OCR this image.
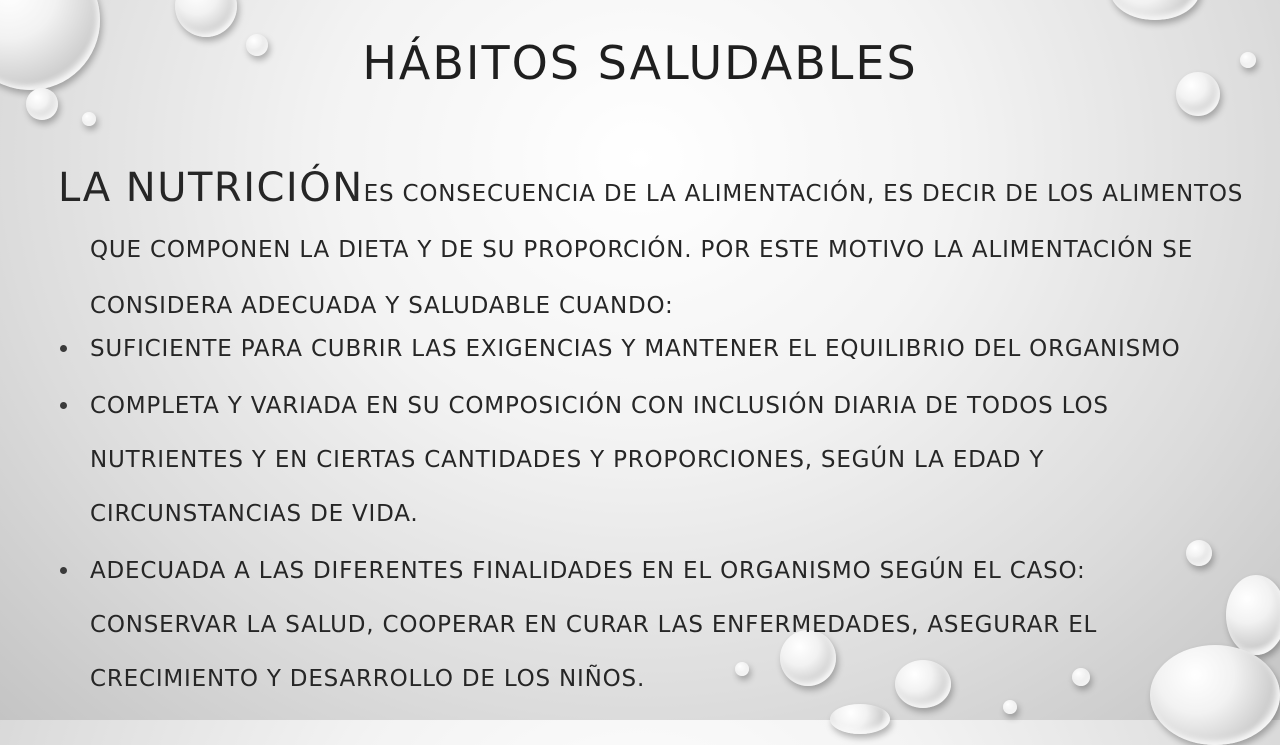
HÁBITOS SALUDABLES
LA NUTRICIÓNES CONSECUENCIA DE LA ALIMENTACIÓN, ES DECIR DE LOS ALIMENTOS QUE COMPONEN LA DIETA Y DE SU PROPORCIÓN. POR ESTE MOTIVO LA ALIMENTACIÓN SE CONSIDERA ADECUADA Y SALUDABLE CUANDO:
SUFICIENTE PARA CUBRIR LAS EXIGENCIAS Y MANTENER EL EQUILIBRIO DEL ORGANISMO
COMPLETA Y VARIADA EN SU COMPOSICIÓN CON INCLUSIÓN DIARIA DE TODOS LOS NUTRIENTES Y EN CIERTAS CANTIDADES Y PROPORCIONES, SEGÚN LA EDAD Y CIRCUNSTANCIAS DE VIDA.
ADECUADA A LAS DIFERENTES FINALIDADES EN EL ORGANISMO SEGÚN EL CASO: CONSERVAR LA SALUD, COOPERAR EN CURAR LAS ENFERMEDADES, ASEGURAR EL CRECIMIENTO Y DESARROLLO DE LOS NIÑOS.
